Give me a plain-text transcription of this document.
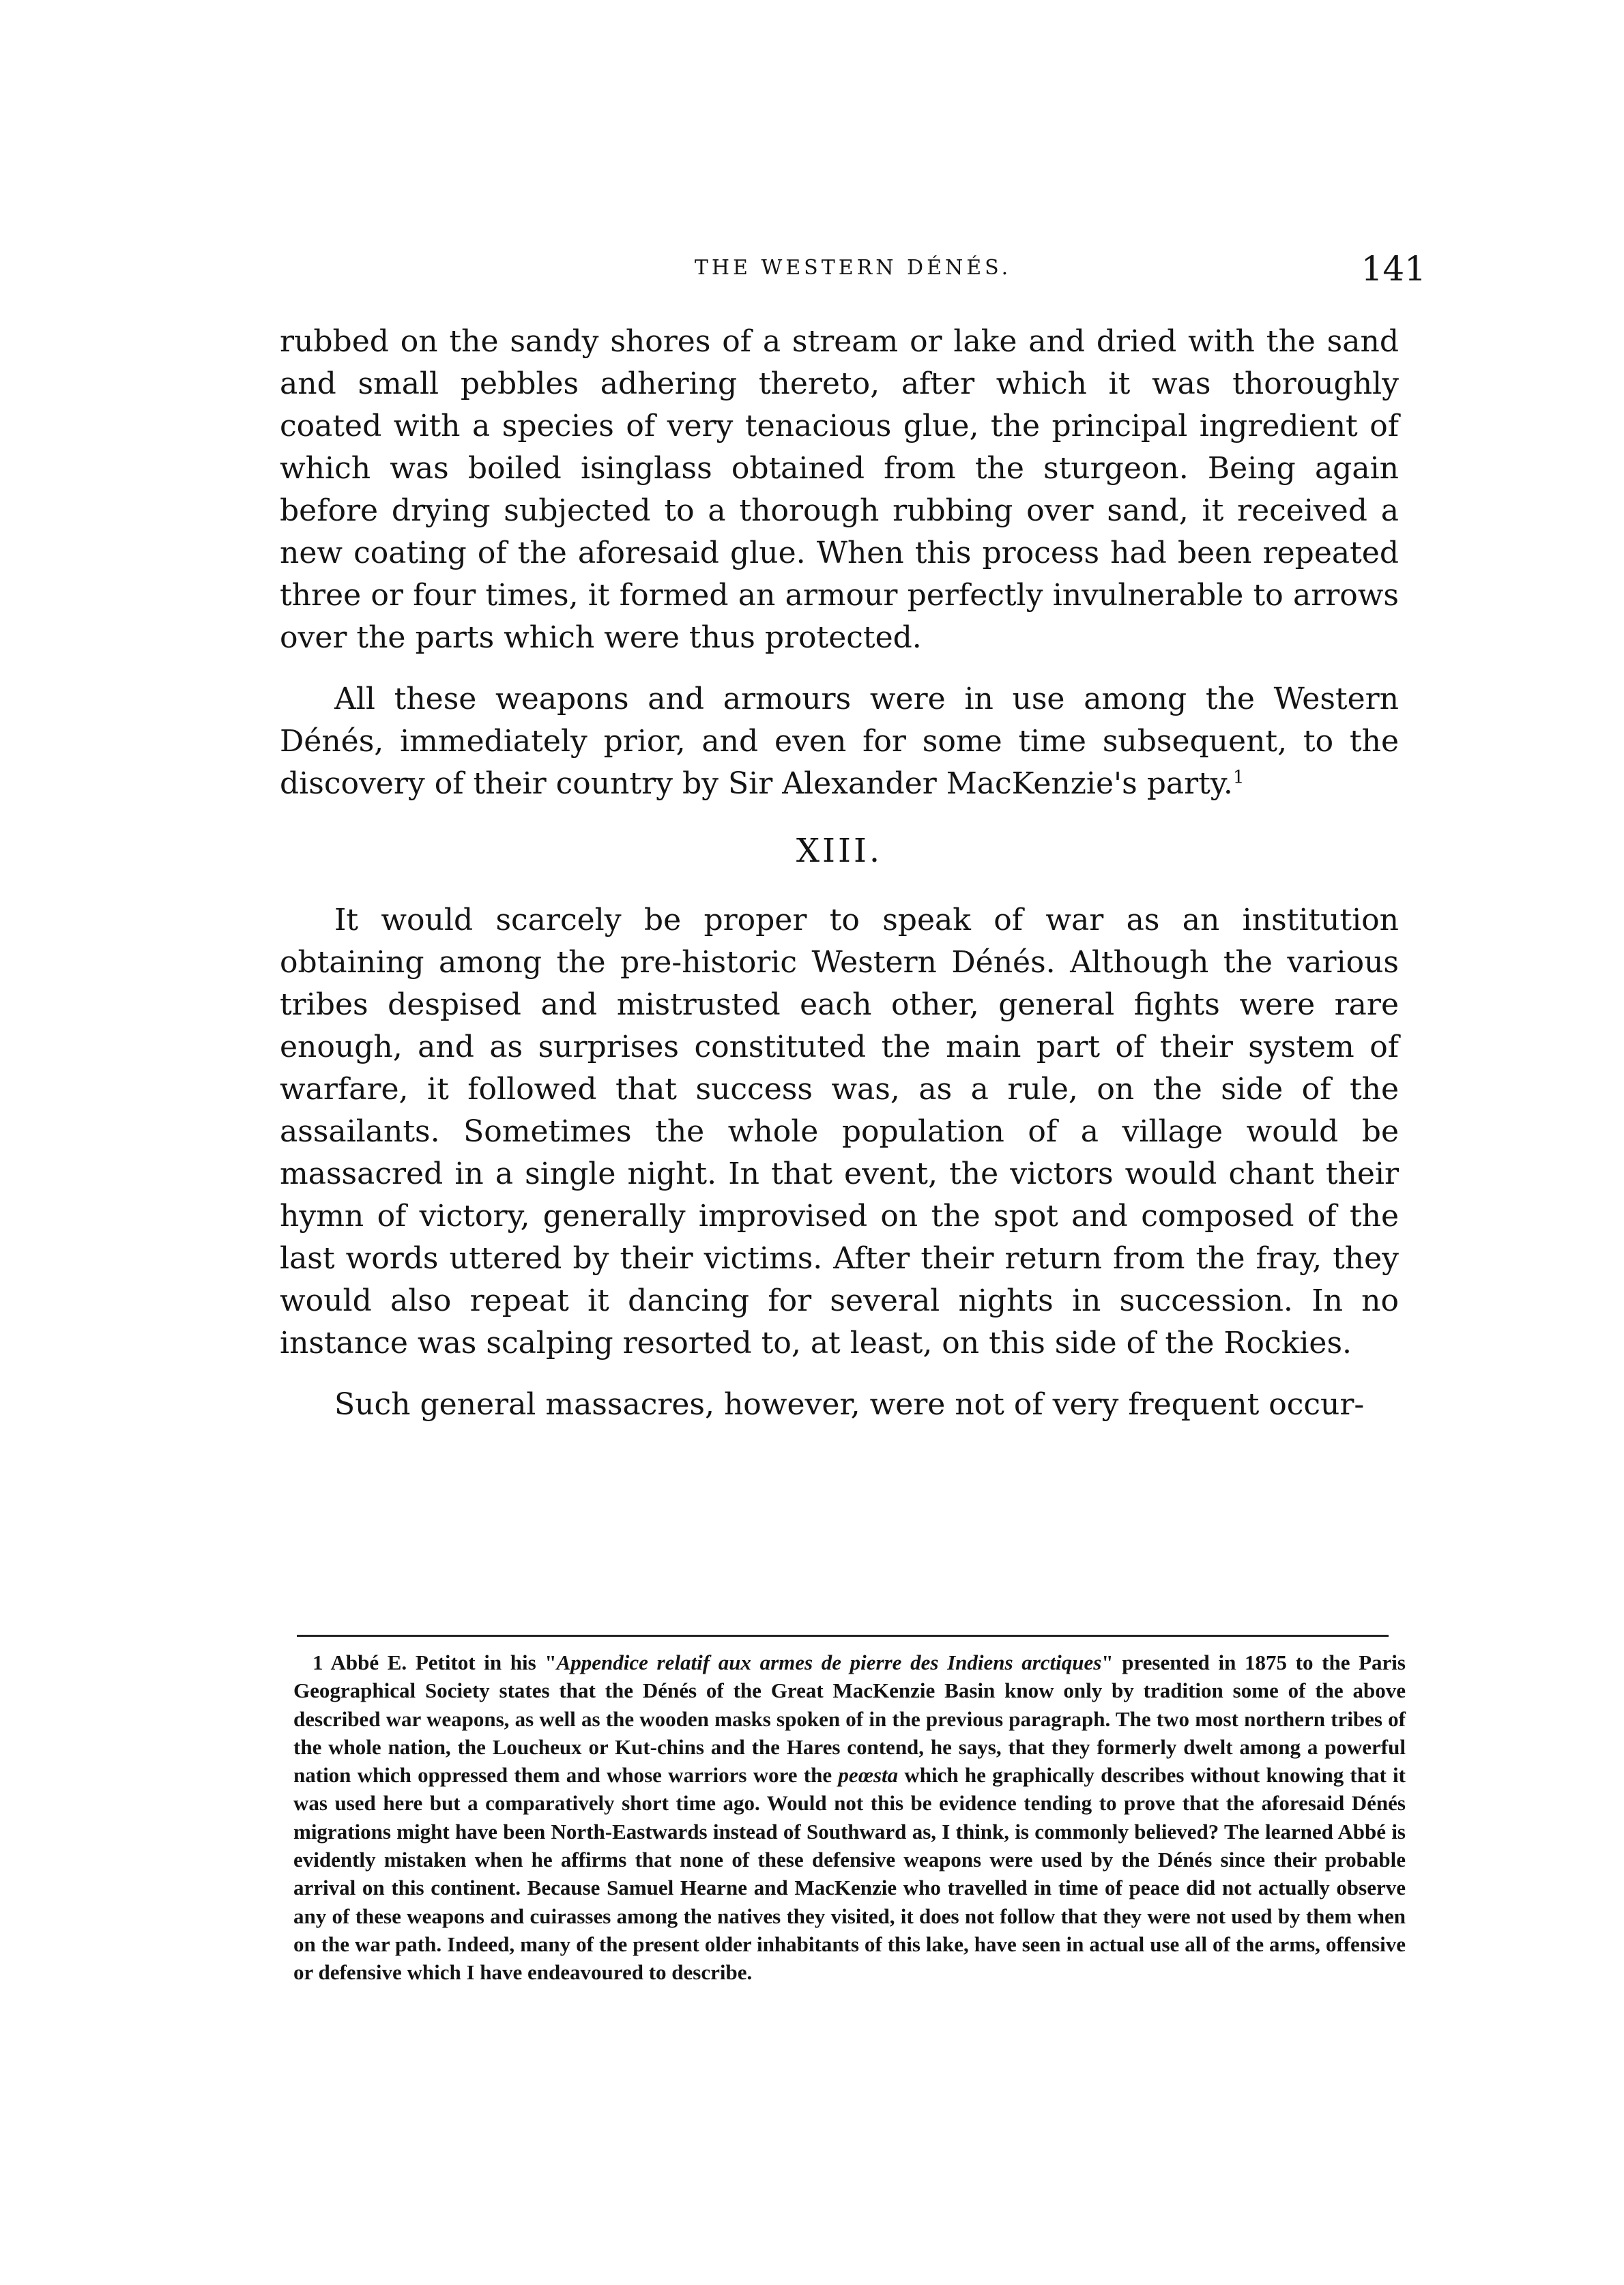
THE WESTERN DÉNÉS.	141

rubbed on the sandy shores of a stream or lake and dried with the sand and small pebbles adhering thereto, after which it was thoroughly coated with a species of very tenacious glue, the principal ingredient of which was boiled isinglass obtained from the sturgeon. Being again before drying subjected to a thorough rubbing over sand, it received a new coating of the aforesaid glue. When this process had been repeated three or four times, it formed an armour perfectly invulnerable to arrows over the parts which were thus protected.

All these weapons and armours were in use among the Western Dénés, immediately prior, and even for some time subsequent, to the discovery of their country by Sir Alexander MacKenzie's party.$^1$

XIII.

It would scarcely be proper to speak of war as an institution obtaining among the pre-historic Western Dénés. Although the various tribes despised and mistrusted each other, general fights were rare enough, and as surprises constituted the main part of their system of warfare, it followed that success was, as a rule, on the side of the assailants. Sometimes the whole population of a village would be massacred in a single night. In that event, the victors would chant their hymn of victory, generally improvised on the spot and composed of the last words uttered by their victims. After their return from the fray, they would also repeat it dancing for several nights in succession. In no instance was scalping resorted to, at least, on this side of the Rockies.

Such general massacres, however, were not of very frequent occur-

1 Abbé E. Petitot in his "Appendice relatif aux armes de pierre des Indiens arctiques" presented in 1875 to the Paris Geographical Society states that the Dénés of the Great MacKenzie Basin know only by tradition some of the above described war weapons, as well as the wooden masks spoken of in the previous paragraph. The two most northern tribes of the whole nation, the Loucheux or Kut-chins and the Hares contend, he says, that they formerly dwelt among a powerful nation which oppressed them and whose warriors wore the peœsta which he graphically describes without knowing that it was used here but a comparatively short time ago. Would not this be evidence tending to prove that the aforesaid Dénés migrations might have been North-Eastwards instead of Southward as, I think, is commonly believed? The learned Abbé is evidently mistaken when he affirms that none of these defensive weapons were used by the Dénés since their probable arrival on this continent. Because Samuel Hearne and MacKenzie who travelled in time of peace did not actually observe any of these weapons and cuirasses among the natives they visited, it does not follow that they were not used by them when on the war path. Indeed, many of the present older inhabitants of this lake, have seen in actual use all of the arms, offensive or defensive which I have endeavoured to describe.
